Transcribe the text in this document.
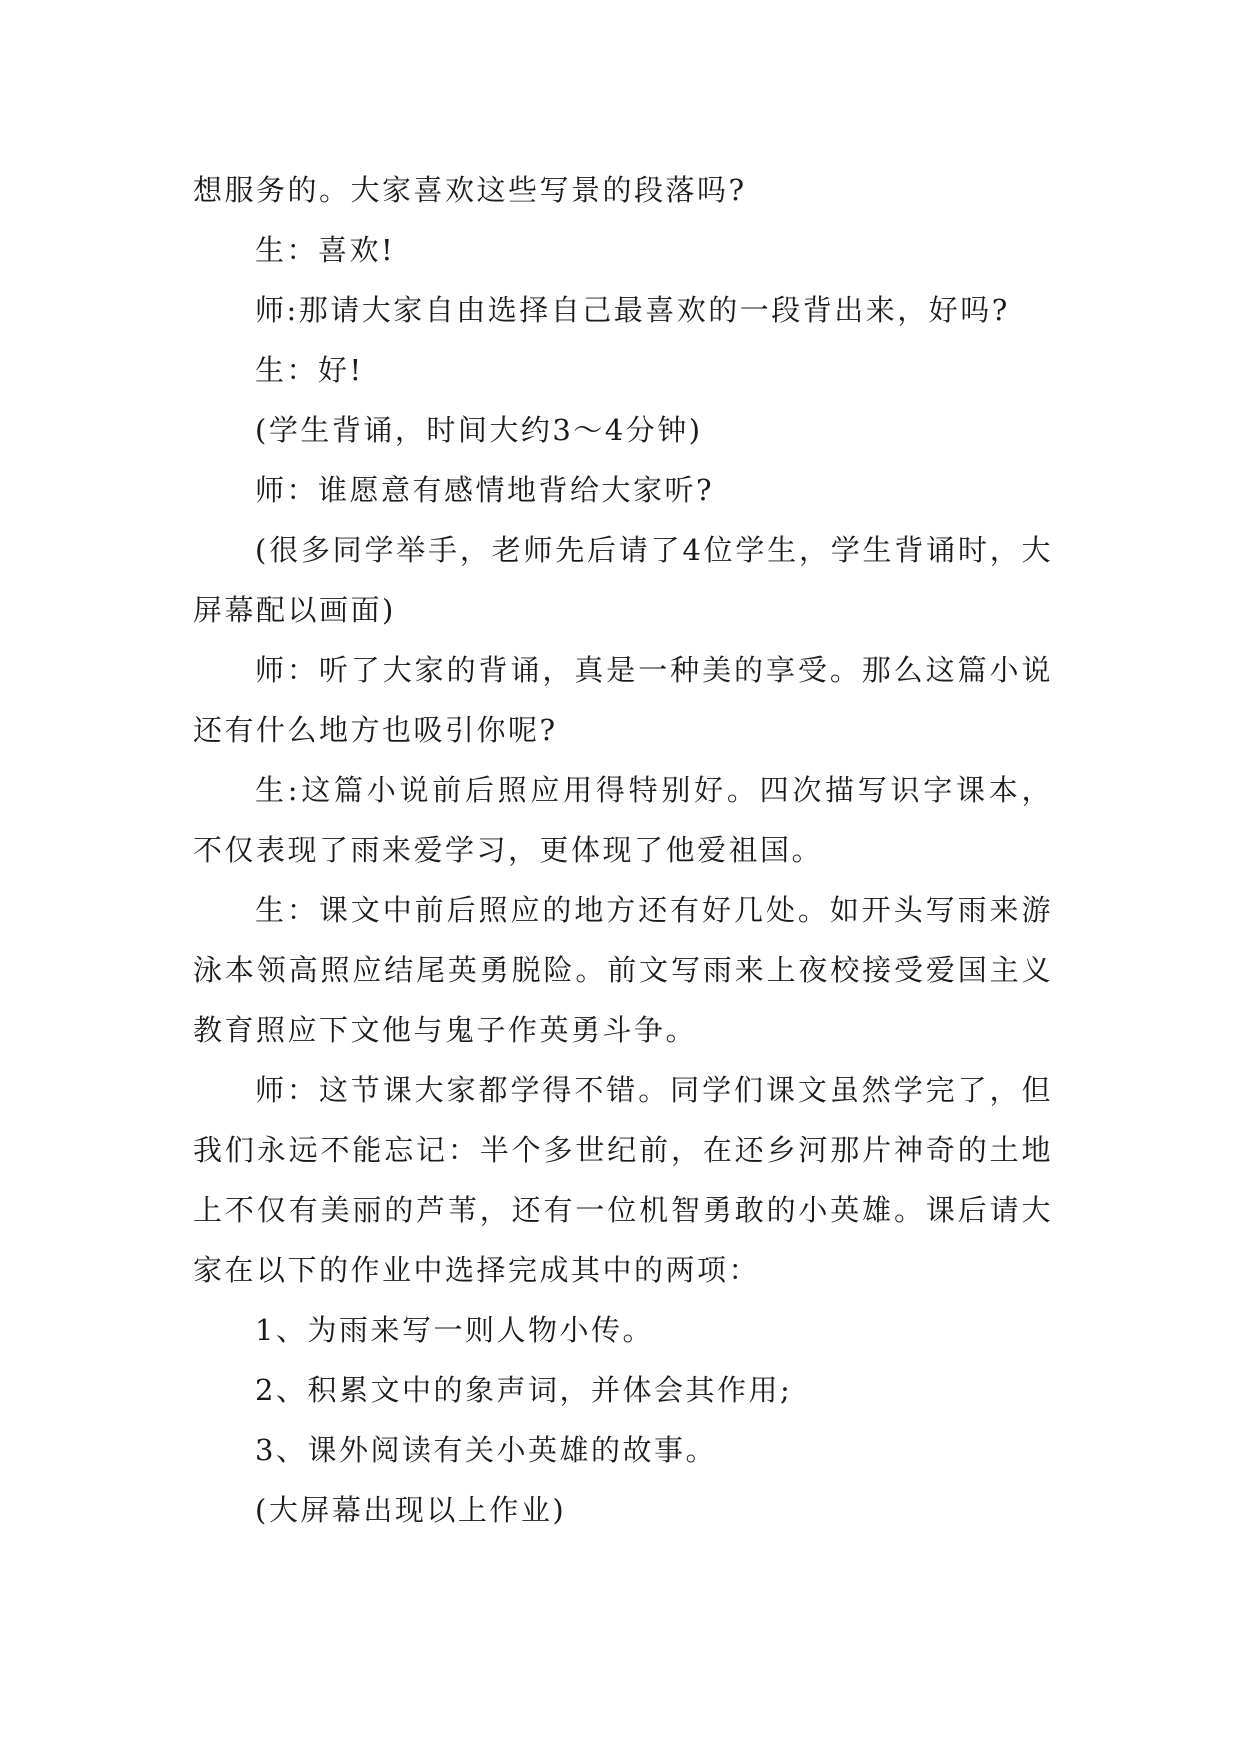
想服务的。大家喜欢这些写景的段落吗?

生：喜欢!

师:那请大家自由选择自己最喜欢的一段背出来，好吗?

生：好!

(学生背诵，时间大约3～4分钟)

师：谁愿意有感情地背给大家听?

(很多同学举手，老师先后请了4位学生，学生背诵时，大屏幕配以画面)

师：听了大家的背诵，真是一种美的享受。那么这篇小说还有什么地方也吸引你呢?

生:这篇小说前后照应用得特别好。四次描写识字课本，不仅表现了雨来爱学习，更体现了他爱祖国。

生：课文中前后照应的地方还有好几处。如开头写雨来游泳本领高照应结尾英勇脱险。前文写雨来上夜校接受爱国主义教育照应下文他与鬼子作英勇斗争。

师：这节课大家都学得不错。同学们课文虽然学完了，但我们永远不能忘记：半个多世纪前，在还乡河那片神奇的土地上不仅有美丽的芦苇，还有一位机智勇敢的小英雄。课后请大家在以下的作业中选择完成其中的两项：

1、为雨来写一则人物小传。

2、积累文中的象声词，并体会其作用;

3、课外阅读有关小英雄的故事。

(大屏幕出现以上作业)
